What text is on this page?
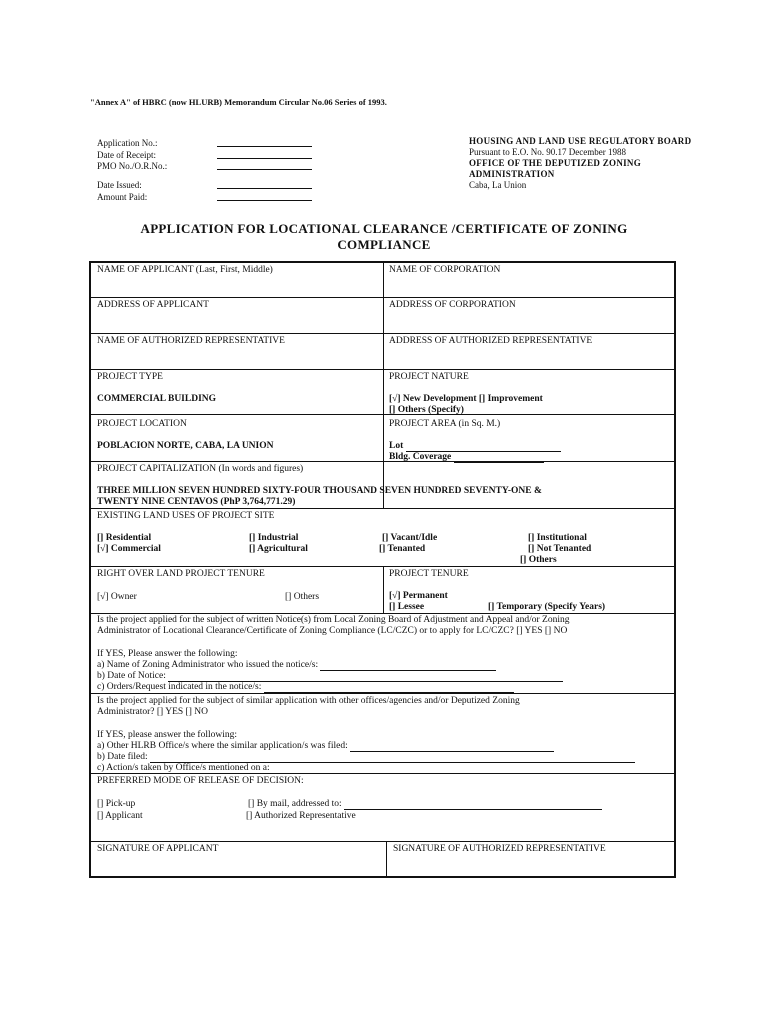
"Annex A" of HBRC (now HLURB) Memorandum Circular No.06 Series of 1993.
Application No.:
Date of Receipt:
PMO No./O.R.No.:
Date Issued:
Amount Paid:
HOUSING AND LAND USE REGULATORY BOARD
Pursuant to E.O. No. 90.17 December 1988
OFFICE OF THE DEPUTIZED ZONING
ADMINISTRATION
Caba, La Union
APPLICATION FOR LOCATIONAL CLEARANCE /CERTIFICATE OF ZONING
COMPLIANCE
NAME OF APPLICANT (Last, First, Middle)	NAME OF CORPORATION
ADDRESS OF APPLICANT	ADDRESS OF CORPORATION
NAME OF AUTHORIZED REPRESENTATIVE	ADDRESS OF AUTHORIZED REPRESENTATIVE
PROJECT TYPE
COMMERCIAL BUILDING
PROJECT NATURE
[√] New Development [] Improvement
[] Others (Specify)
PROJECT LOCATION
POBLACION NORTE, CABA, LA UNION
PROJECT AREA (in Sq. M.)
Lot
Bldg. Coverage
PROJECT CAPITALIZATION (In words and figures)
THREE MILLION SEVEN HUNDRED SIXTY-FOUR THOUSAND SEVEN HUNDRED SEVENTY-ONE &
TWENTY NINE CENTAVOS (PhP 3,764,771.29)
EXISTING LAND USES OF PROJECT SITE
[] Residential	[] Industrial	[] Vacant/Idle	[] Institutional
[√] Commercial	[] Agricultural	[] Tenanted	[] Not Tenanted
[] Others
RIGHT OVER LAND PROJECT TENURE
[√] Owner	[] Others
PROJECT TENURE
[√] Permanent
[] Lessee	[] Temporary (Specify Years)
Is the project applied for the subject of written Notice(s) from Local Zoning Board of Adjustment and Appeal and/or Zoning
Administrator of Locational Clearance/Certificate of Zoning Compliance (LC/CZC) or to apply for LC/CZC? [] YES [] NO
If YES, Please answer the following:
a) Name of Zoning Administrator who issued the notice/s:
b) Date of Notice:
c) Orders/Request indicated in the notice/s:
Is the project applied for the subject of similar application with other offices/agencies and/or Deputized Zoning
Administrator? [] YES [] NO
If YES, please answer the following:
a) Other HLRB Office/s where the similar application/s was filed:
b) Date filed:
c) Action/s taken by Office/s mentioned on a:
PREFERRED MODE OF RELEASE OF DECISION:
[] Pick-up	[] By mail, addressed to:
[] Applicant	[] Authorized Representative
SIGNATURE OF APPLICANT	SIGNATURE OF AUTHORIZED REPRESENTATIVE
